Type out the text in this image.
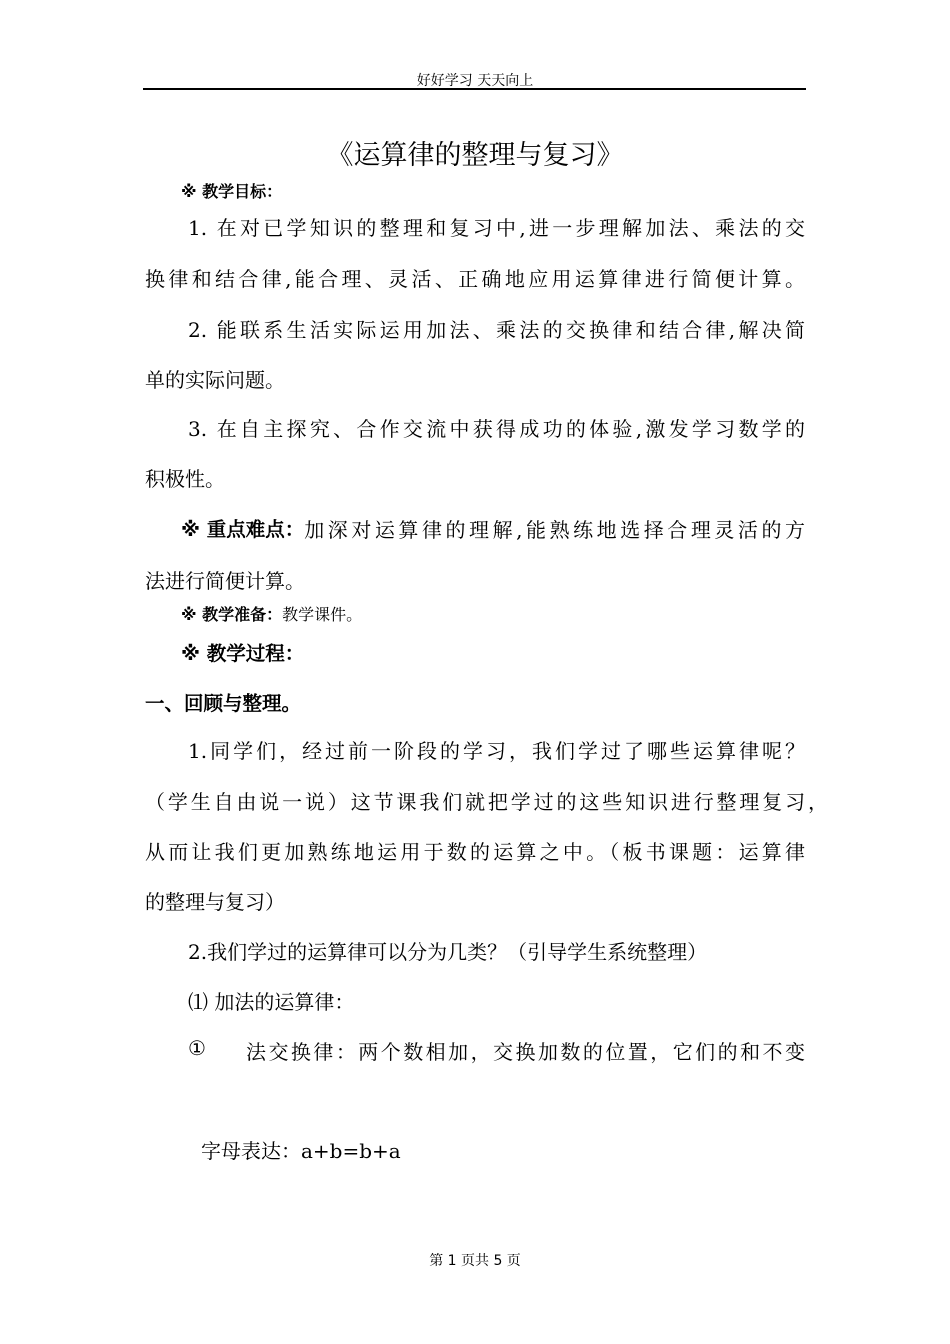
好好学习 天天向上
《运算律的整理与复习》
※ 教学目标：
1. 在对已学知识的整理和复习中,进一步理解加法、乘法的交
换律和结合律,能合理、灵活、正确地应用运算律进行简便计算。
2. 能联系生活实际运用加法、乘法的交换律和结合律,解决简
单的实际问题。
3. 在自主探究、合作交流中获得成功的体验,激发学习数学的
积极性。
※ 重点难点： 加深对运算律的理解,能熟练地选择合理灵活的方
法进行简便计算。
※ 教学准备：教学课件。
※ 教学过程：
一、回顾与整理。
1.同学们，经过前一阶段的学习，我们学过了哪些运算律呢？
（学生自由说一说）这节课我们就把学过的这些知识进行整理复习，
从而让我们更加熟练地运用于数的运算之中。（板书课题：运算律
的整理与复习）
2.我们学过的运算律可以分为几类？（引导学生系统整理）
⑴ 加法的运算律：
① 法交换律：两个数相加，交换加数的位置，它们的和不变
字母表达：a+b=b+a
第 1 页共 5 页
